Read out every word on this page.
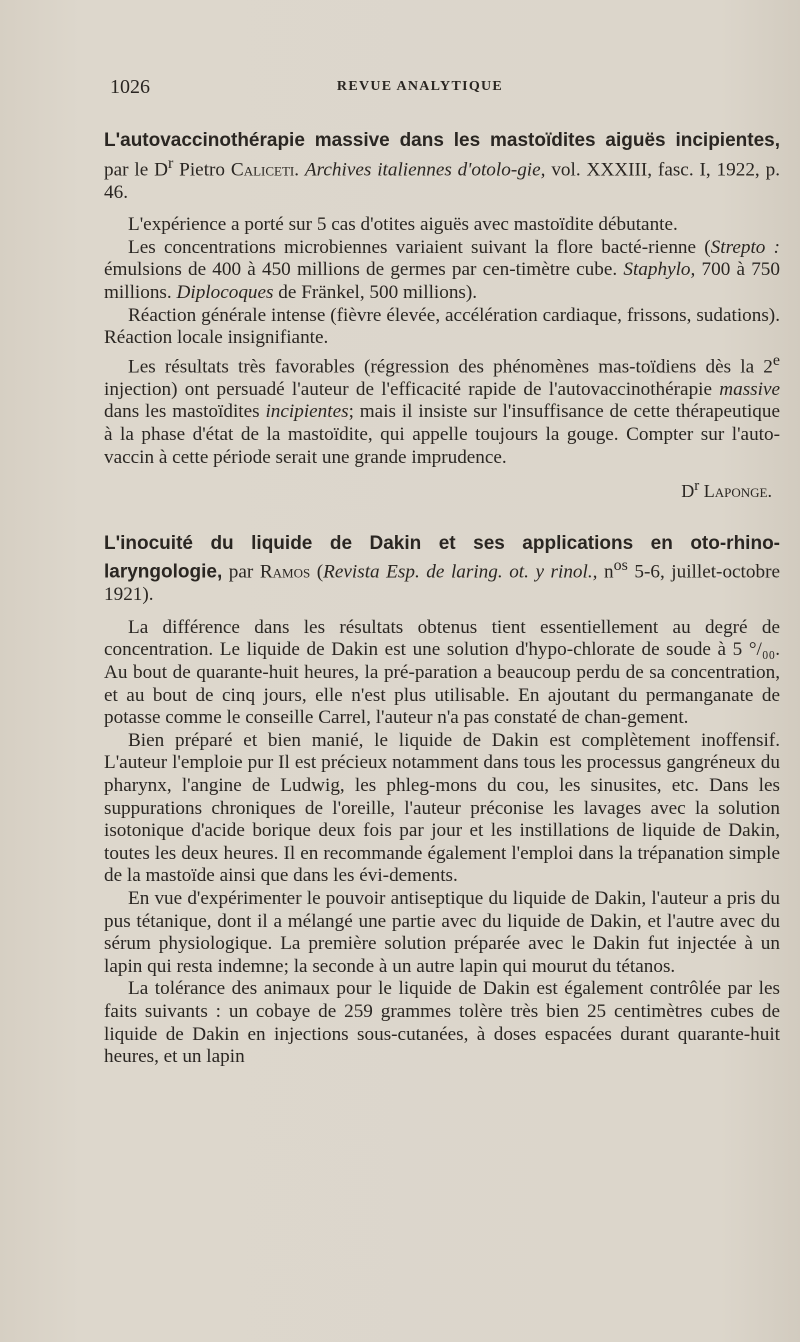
1026	REVUE ANALYTIQUE
L'autovaccinothérapie massive dans les mastoïdites aiguës incipientes, par le $D^r$ Pietro Caliceti. Archives italiennes d'otolo-gie, vol. XXXIII, fasc. I, 1922, p. 46.

L'expérience a porté sur 5 cas d'otites aiguës avec mastoïdite débutante.

Les concentrations microbiennes variaient suivant la flore bacté-rienne (Strepto : émulsions de 400 à 450 millions de germes par cen-timètre cube. Staphylo, 700 à 750 millions. Diplocoques de Fränkel, 500 millions).

Réaction générale intense (fièvre élevée, accélération cardiaque, frissons, sudations). Réaction locale insignifiante.

Les résultats très favorables (régression des phénomènes mas-toïdiens dès la 2e injection) ont persuadé l'auteur de l'efficacité rapide de l'autovaccinothérapie massive dans les mastoïdites incipientes; mais il insiste sur l'insuffisance de cette thérapeutique à la phase d'état de la mastoïdite, qui appelle toujours la gouge. Compter sur l'auto-vaccin à cette période serait une grande imprudence.

$D^r$ Laponge.
L'inocuité du liquide de Dakin et ses applications en oto-rhino-laryngologie, par Ramos (Revista Esp. de laring. ot. y rinol., $n^{os}$ 5-6, juillet-octobre 1921).

La différence dans les résultats obtenus tient essentiellement au degré de concentration. Le liquide de Dakin est une solution d'hypo-chlorate de soude à 5 °/₀₀. Au bout de quarante-huit heures, la pré-paration a beaucoup perdu de sa concentration, et au bout de cinq jours, elle n'est plus utilisable. En ajoutant du permanganate de potasse comme le conseille Carrel, l'auteur n'a pas constaté de chan-gement.

Bien préparé et bien manié, le liquide de Dakin est complètement inoffensif. L'auteur l'emploie pur Il est précieux notamment dans tous les processus gangréneux du pharynx, l'angine de Ludwig, les phleg-mons du cou, les sinusites, etc. Dans les suppurations chroniques de l'oreille, l'auteur préconise les lavages avec la solution isotonique d'acide borique deux fois par jour et les instillations de liquide de Dakin, toutes les deux heures. Il en recommande également l'emploi dans la trépanation simple de la mastoïde ainsi que dans les évi-dements.

En vue d'expérimenter le pouvoir antiseptique du liquide de Dakin, l'auteur a pris du pus tétanique, dont il a mélangé une partie avec du liquide de Dakin, et l'autre avec du sérum physiologique. La première solution préparée avec le Dakin fut injectée à un lapin qui resta indemne; la seconde à un autre lapin qui mourut du tétanos.

La tolérance des animaux pour le liquide de Dakin est également contrôlée par les faits suivants : un cobaye de 259 grammes tolère très bien 25 centimètres cubes de liquide de Dakin en injections sous-cutanées, à doses espacées durant quarante-huit heures, et un lapin
